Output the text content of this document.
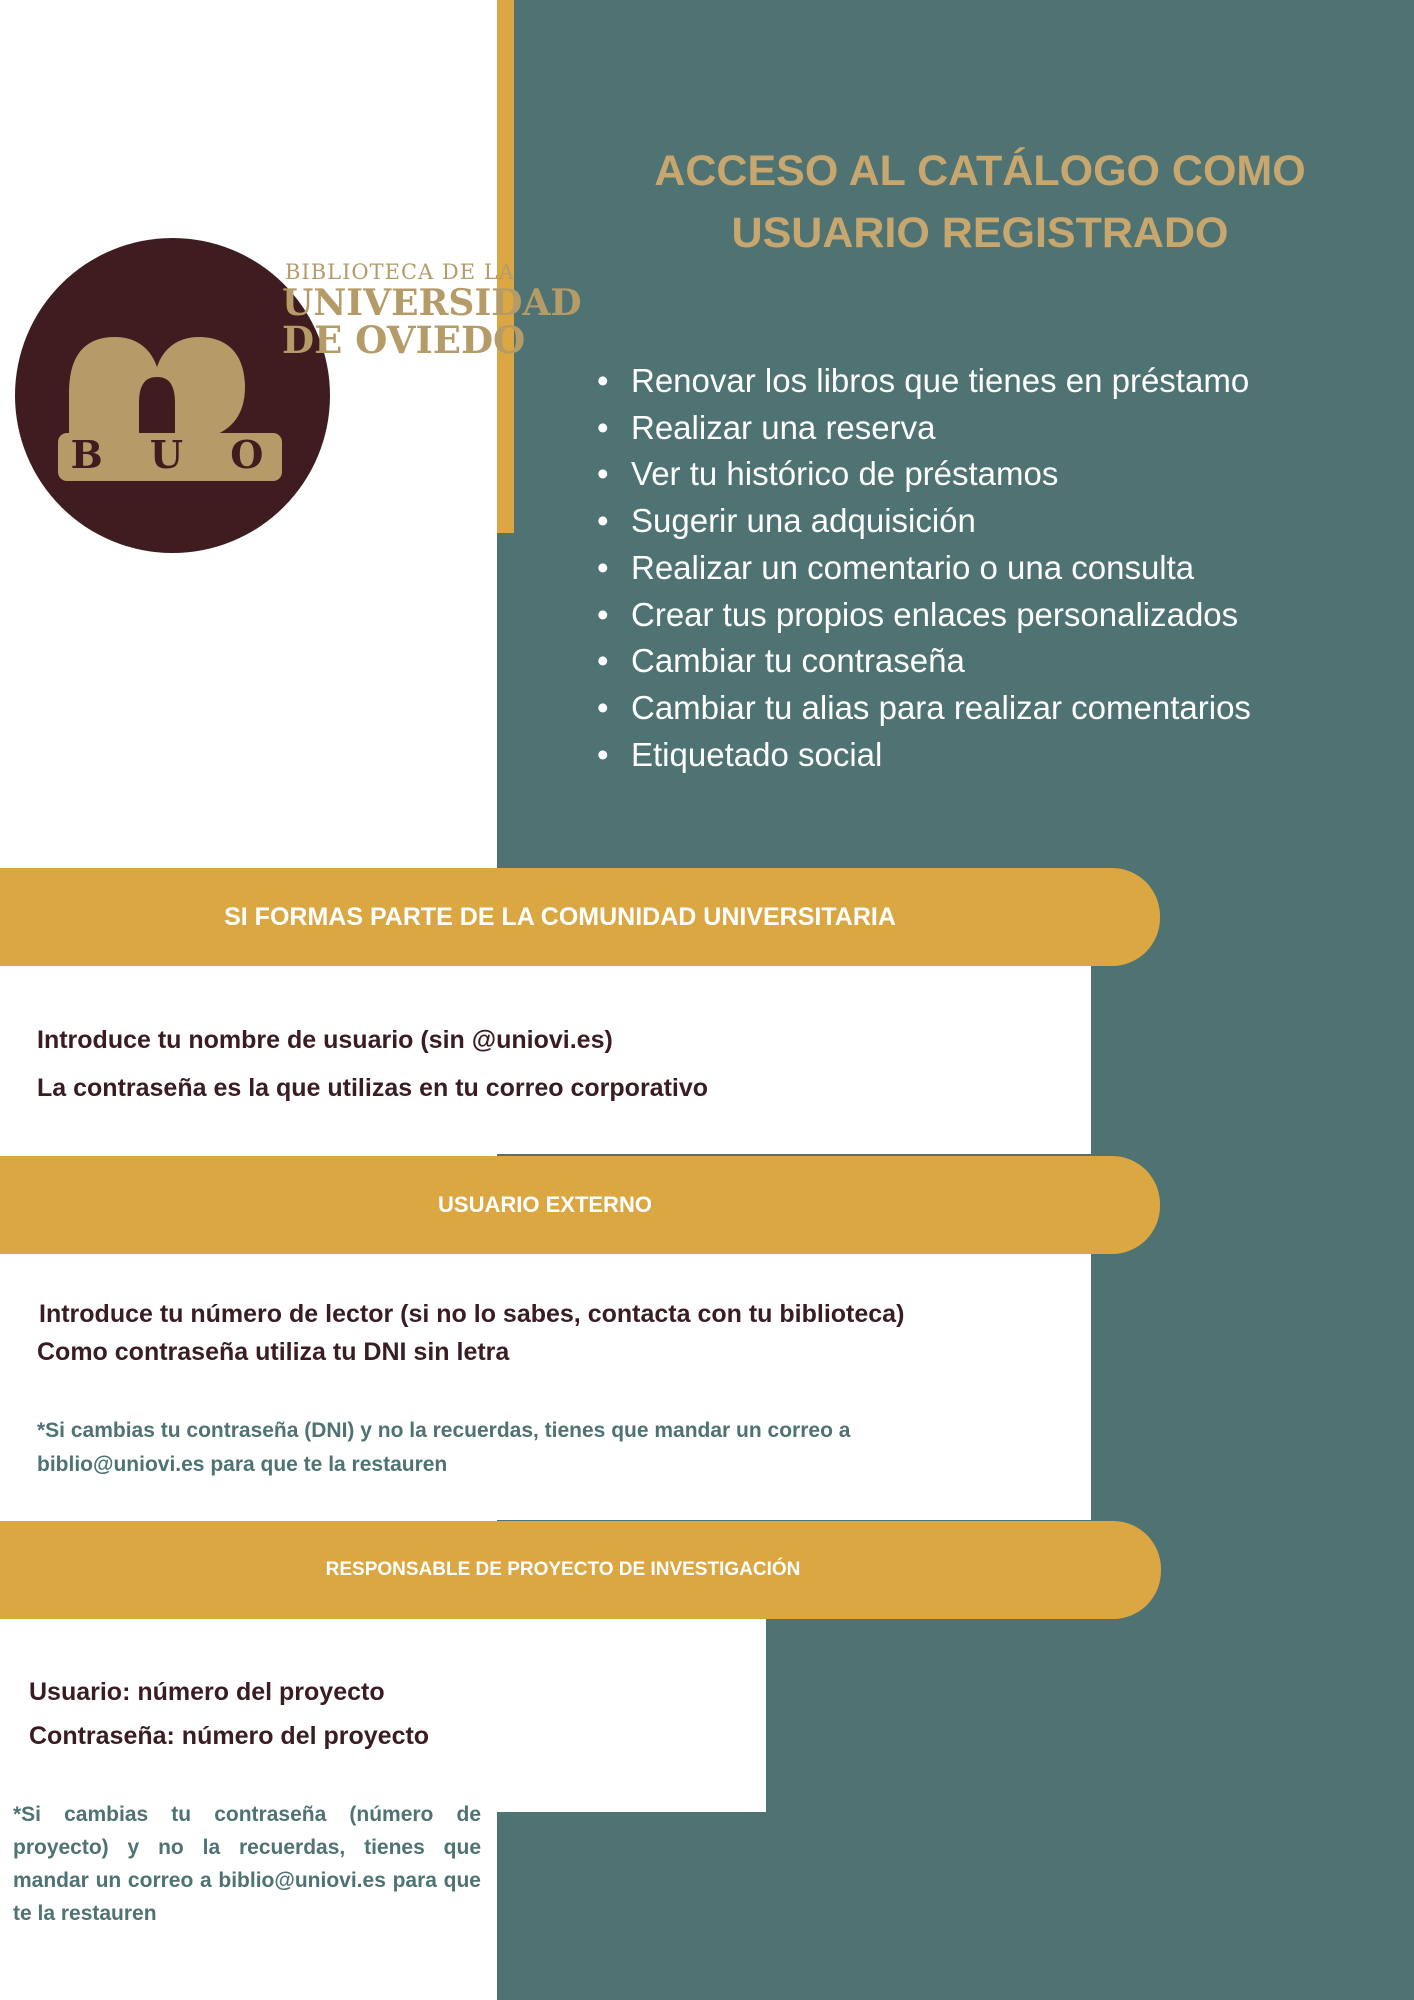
B U O
BIBLIOTECA DE LA
UNIVERSIDAD
DE OVIEDO
ACCESO AL CATÁLOGO COMO
USUARIO REGISTRADO
• Renovar los libros que tienes en préstamo
• Realizar una reserva
• Ver tu histórico de préstamos
• Sugerir una adquisición
• Realizar un comentario o una consulta
• Crear tus propios enlaces personalizados
• Cambiar tu contraseña
• Cambiar tu alias para realizar comentarios
• Etiquetado social
SI FORMAS PARTE DE LA COMUNIDAD UNIVERSITARIA
Introduce tu nombre de usuario (sin @uniovi.es)
La contraseña es la que utilizas en tu correo corporativo
USUARIO EXTERNO
Introduce tu número de lector (si no lo sabes, contacta con tu biblioteca)
Como contraseña utiliza tu DNI sin letra
*Si cambias tu contraseña (DNI) y no la recuerdas, tienes que mandar un correo a
biblio@uniovi.es para que te la restauren
RESPONSABLE DE PROYECTO DE INVESTIGACIÓN
Usuario: número del proyecto
Contraseña: número del proyecto
*Si cambias tu contraseña (número de proyecto) y no la recuerdas, tienes que mandar un correo a biblio@uniovi.es para que te la restauren
